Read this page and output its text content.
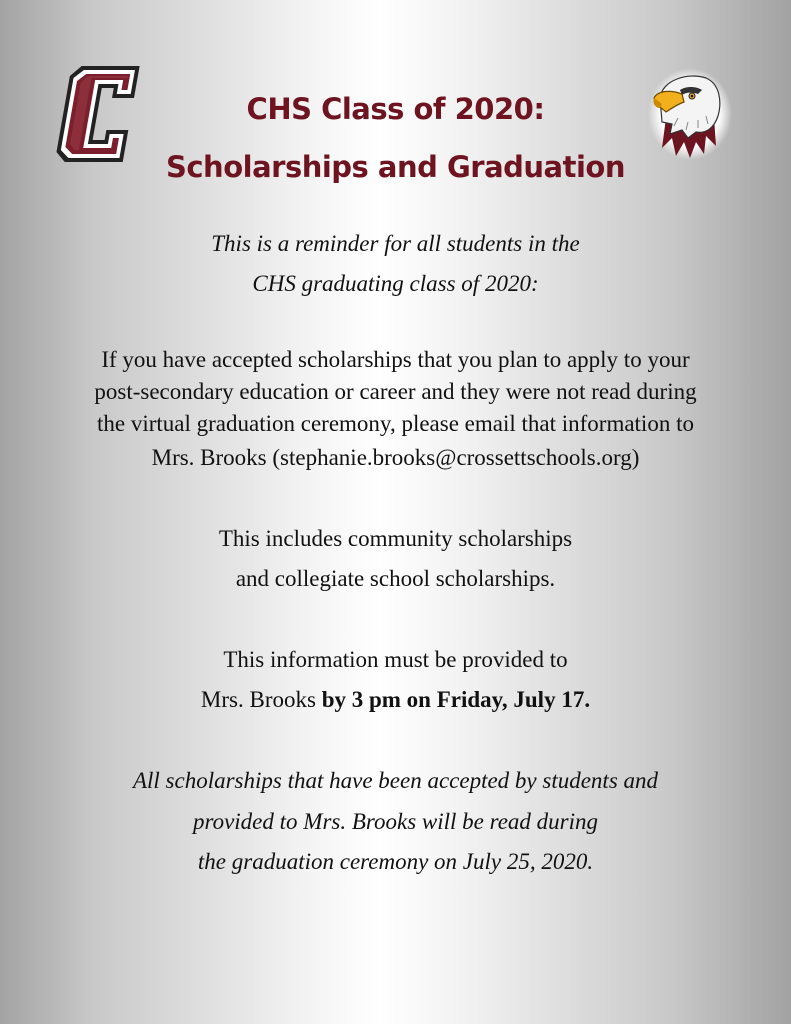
CHS Class of 2020:
Scholarships and Graduation
This is a reminder for all students in the
CHS graduating class of 2020:
If you have accepted scholarships that you plan to apply to your
post-secondary education or career and they were not read during
the virtual graduation ceremony, please email that information to
Mrs. Brooks (stephanie.brooks@crossettschools.org)
This includes community scholarships
and collegiate school scholarships.
This information must be provided to
Mrs. Brooks by 3 pm on Friday, July 17.
All scholarships that have been accepted by students and
provided to Mrs. Brooks will be read during
the graduation ceremony on July 25, 2020.
